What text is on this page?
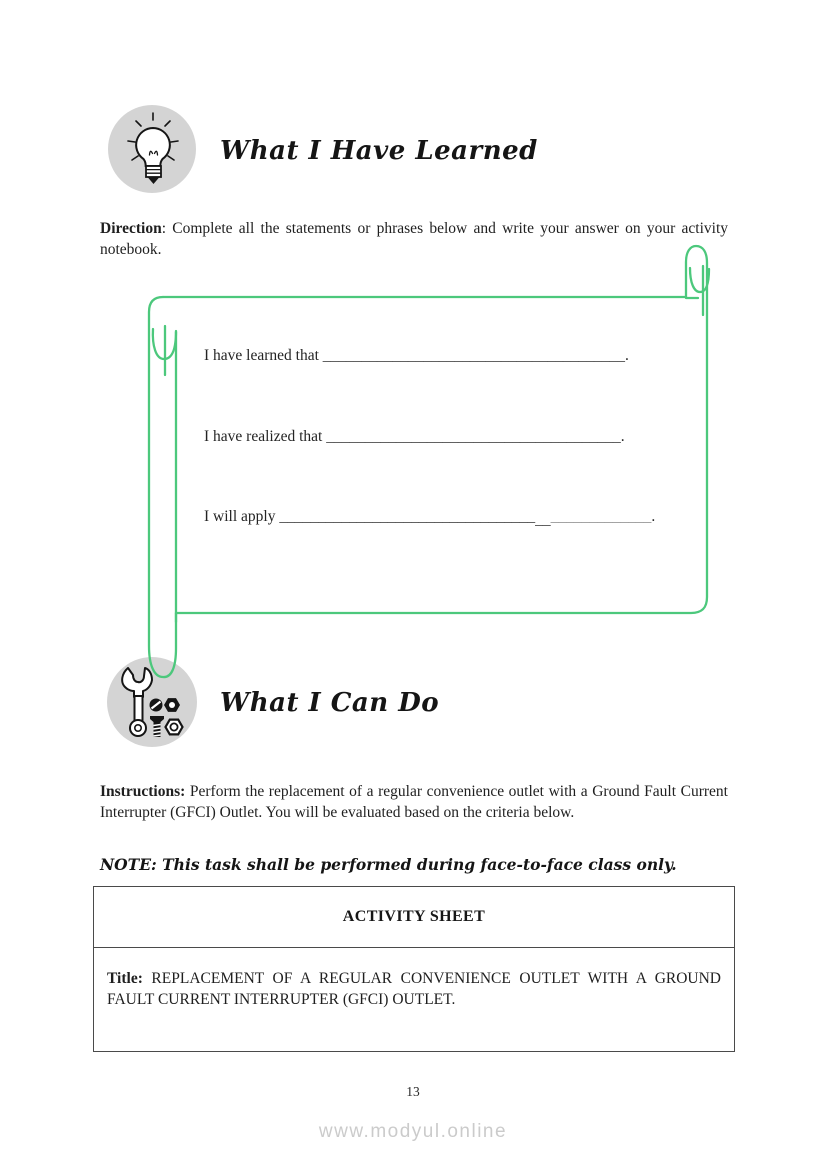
What I Have Learned
Direction: Complete all the statements or phrases below and write your answer on your activity notebook.
I have learned that _______________________________________.
I have realized that ______________________________________.
I will apply ________________________________________________.
What I Can Do
Instructions: Perform the replacement of a regular convenience outlet with a Ground Fault Current Interrupter (GFCI) Outlet. You will be evaluated based on the criteria below.
NOTE: This task shall be performed during face-to-face class only.
ACTIVITY SHEET
Title: REPLACEMENT OF A REGULAR CONVENIENCE OUTLET WITH A GROUND FAULT CURRENT INTERRUPTER (GFCI) OUTLET.
13
www.modyul.online
